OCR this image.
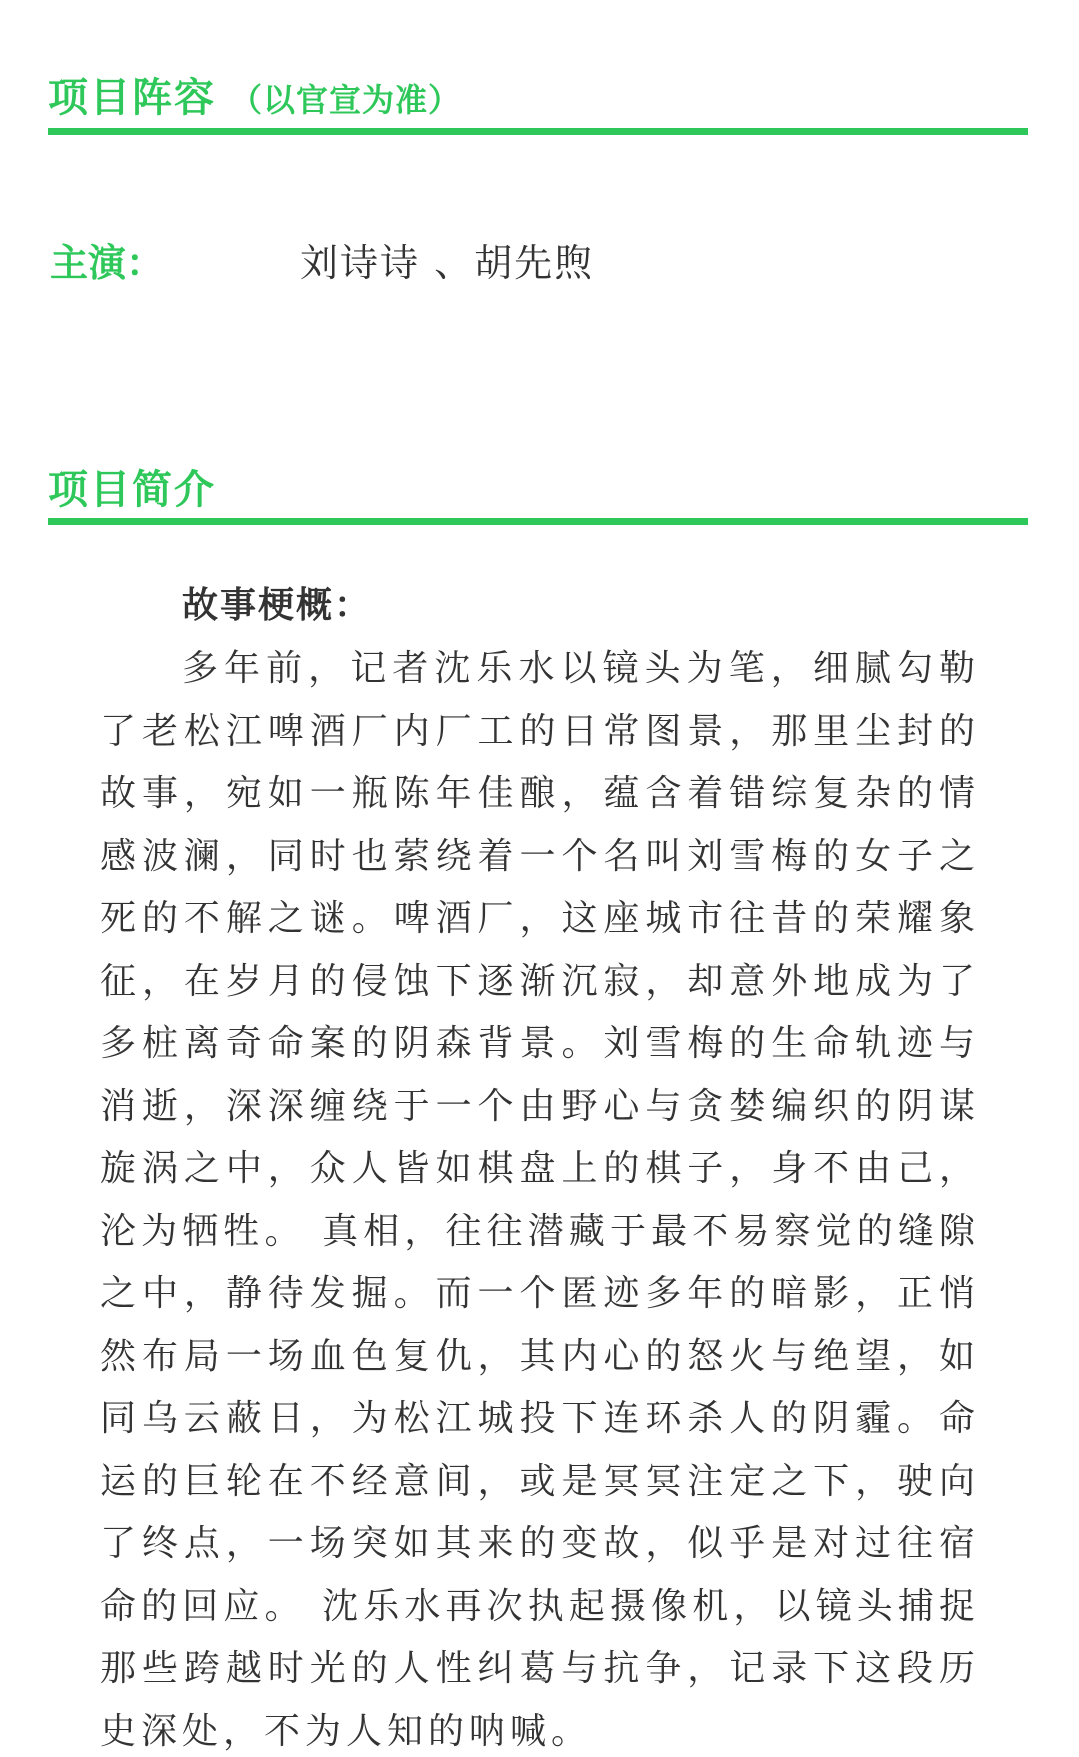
项目阵容 （以官宣为准）
主演：	刘诗诗 、胡先煦
项目简介
故事梗概：

多年前，记者沈乐水以镜头为笔，细腻勾勒了老松江啤酒厂内厂工的日常图景，那里尘封的故事，宛如一瓶陈年佳酿，蕴含着错综复杂的情感波澜，同时也萦绕着一个名叫刘雪梅的女子之死的不解之谜。啤酒厂，这座城市往昔的荣耀象征，在岁月的侵蚀下逐渐沉寂，却意外地成为了多桩离奇命案的阴森背景。刘雪梅的生命轨迹与消逝，深深缠绕于一个由野心与贪婪编织的阴谋旋涡之中，众人皆如棋盘上的棋子，身不由己，沦为牺牲。 真相，往往潜藏于最不易察觉的缝隙之中，静待发掘。而一个匿迹多年的暗影，正悄然布局一场血色复仇，其内心的怒火与绝望，如同乌云蔽日，为松江城投下连环杀人的阴霾。命运的巨轮在不经意间，或是冥冥注定之下，驶向了终点，一场突如其来的变故，似乎是对过往宿命的回应。 沈乐水再次执起摄像机，以镜头捕捉那些跨越时光的人性纠葛与抗争，记录下这段历史深处，不为人知的呐喊。
